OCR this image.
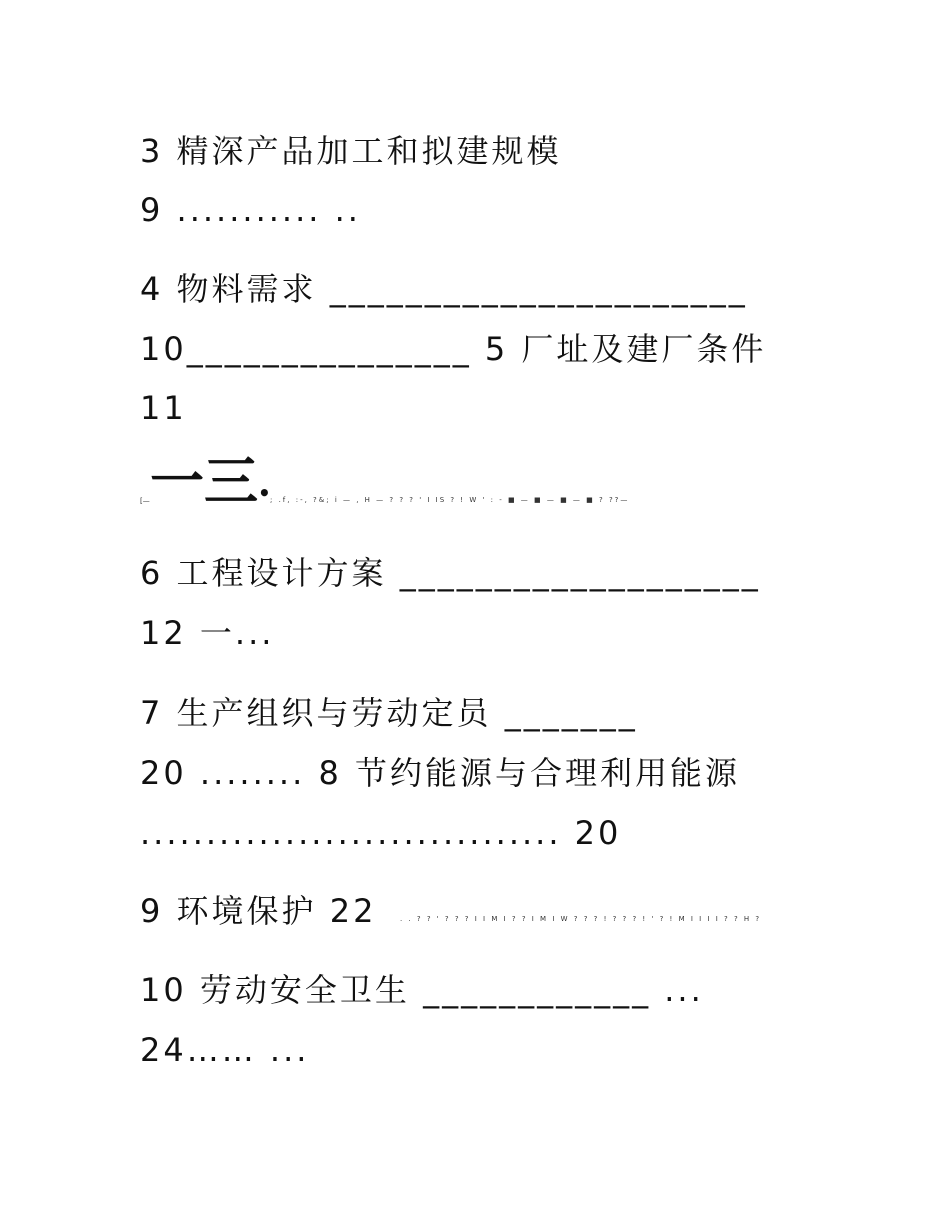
3 精深产品加工和拟建规模
9 ........... ..
4 物料需求 ______________________
10_______________ 5 厂址及建厂条件
11
[— 一三• ; .f, :-, ?&; i — , H — ? ? ? ' I IS ? ! W ' : - ■ — ■ — ■ — ■ ? ??—
6 工程设计方案 ___________________
12 一...
7 生产组织与劳动定员 _______
20 ........ 8 节约能源与合理利用能源
................................ 20
9 环境保护 22	. . ? ? ' ? ? ? I I M I ? ? I M I W ? ? ? ! ? ? ? ! ' ? ! M I I I I ? ? H ?
10 劳动安全卫生 ____________ ...
24…… ...
